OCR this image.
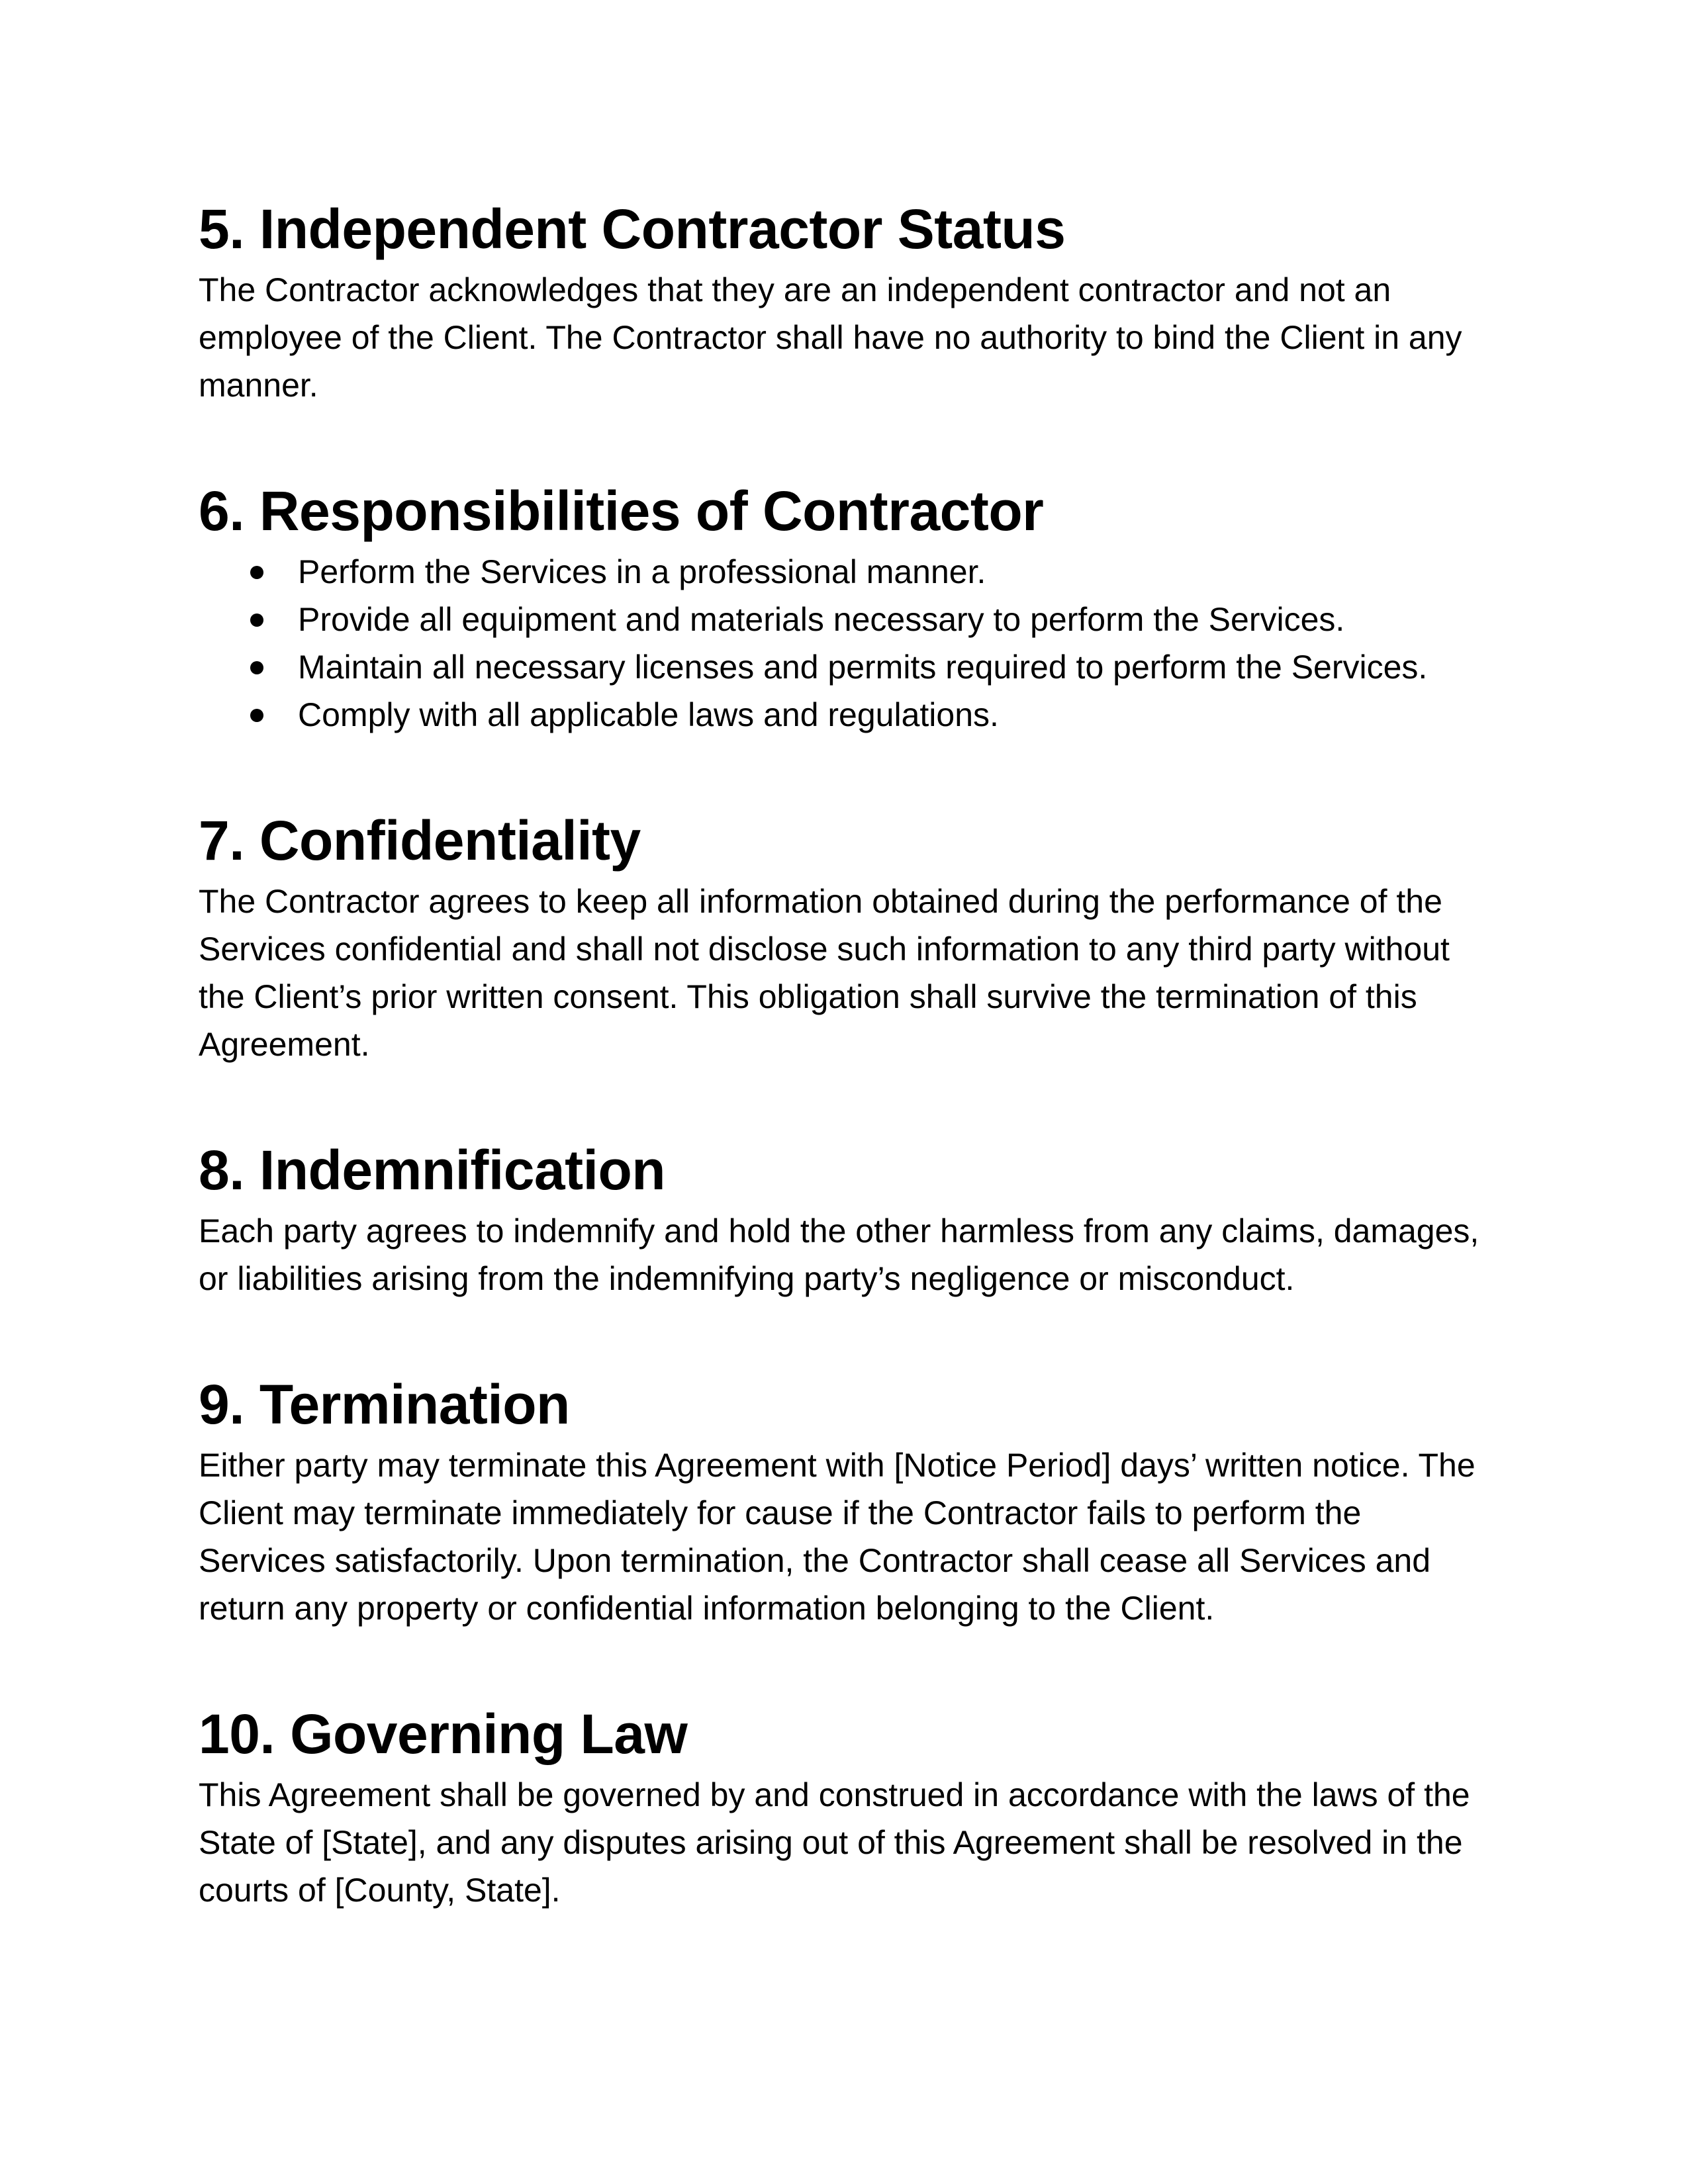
5. Independent Contractor Status

The Contractor acknowledges that they are an independent contractor and not an
employee of the Client. The Contractor shall have no authority to bind the Client in any
manner.

6. Responsibilities of Contractor
Perform the Services in a professional manner.
Provide all equipment and materials necessary to perform the Services.
Maintain all necessary licenses and permits required to perform the Services.
Comply with all applicable laws and regulations.
7. Confidentiality

The Contractor agrees to keep all information obtained during the performance of the
Services confidential and shall not disclose such information to any third party without
the Client’s prior written consent. This obligation shall survive the termination of this
Agreement.

8. Indemnification

Each party agrees to indemnify and hold the other harmless from any claims, damages,
or liabilities arising from the indemnifying party’s negligence or misconduct.

9. Termination

Either party may terminate this Agreement with [Notice Period] days’ written notice. The
Client may terminate immediately for cause if the Contractor fails to perform the
Services satisfactorily. Upon termination, the Contractor shall cease all Services and
return any property or confidential information belonging to the Client.

10. Governing Law

This Agreement shall be governed by and construed in accordance with the laws of the
State of [State], and any disputes arising out of this Agreement shall be resolved in the
courts of [County, State].
